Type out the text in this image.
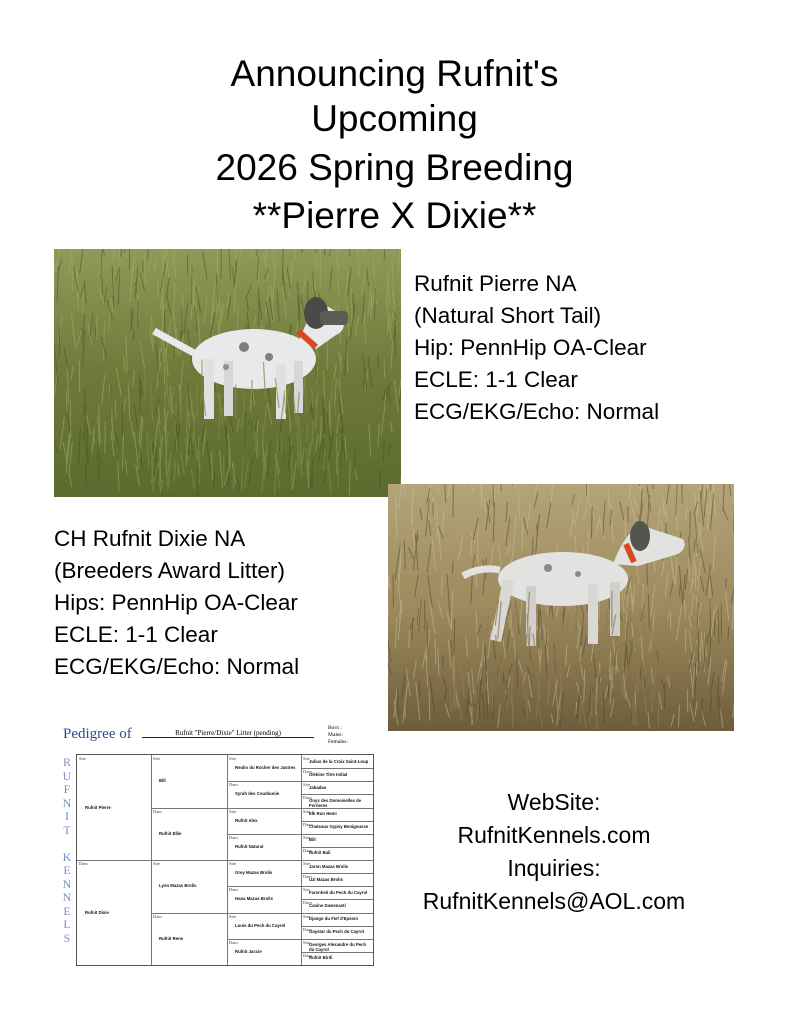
Announcing Rufnit's
Upcoming
2026 Spring Breeding
**Pierre X Dixie**
Rufnit Pierre NA
(Natural Short Tail)
Hip: PennHip OA-Clear
ECLE: 1-1 Clear
ECG/EKG/Echo: Normal
CH Rufnit Dixie NA
(Breeders Award Litter)
Hips: PennHip OA-Clear
ECLE: 1-1 Clear
ECG/EKG/Echo: Normal
WebSite:
RufnitKennels.com
Inquiries:
RufnitKennels@AOL.com
Pedigree of	Rufnit "Pierre/Dixie" Litter (pending)
Born :
Males:
Females:
R
U
F
N
I
T

K
E
N
N
E
L
S
Sire
Rufnit Pierre
Dam
Rufnit Dixie
Sire
Bill
Dam
Rufnit Ellie
Sire
Lyon Mazas Brolis
Dam
Rufnit Rene
Sire
Reulio du Rocher des Jastres
Dam
Syrah des Coudounie
Sire
Rufnit Alex
Dam
Rufnit Natural
Sire
Grey Mazas Brolis
Dam
Hana Mazas Brolis
Sire
Louis du Pech du Cayrol
Dam
Rufnit Jaccie
Sire
Julius de la Croix Saint-Loup
Dam
Olekine Titre Initial
Sire
Jabadao
Dam
Onyx des Domoiselles de Ferrieres
Sire
Elk Run Hemi
Dam
Chateaux Gypsy Benigousse
Sire
Bill
Dam
Rufnit Bali
Sire
Jaron Mazas Brolis
Dam
Uzi Mazas Brolis
Sire
Farenheit du Pech du Cayrol
Dam
Canine Dawenasti
Sire
Django du Fief d'Epsom
Dam
Gaystar du Pech du Cayrol
Sire
Georges Alexandre du Pech du Cayrol
Dam
Rufnit Birdi
